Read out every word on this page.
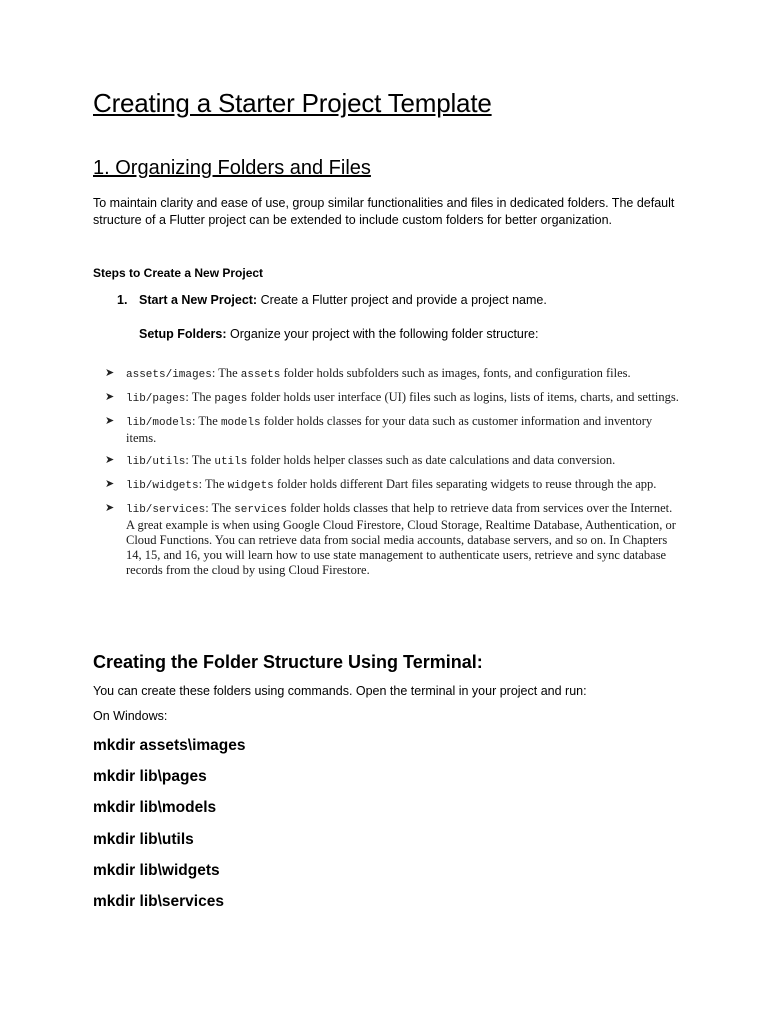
Creating a Starter Project Template
1. Organizing Folders and Files
To maintain clarity and ease of use, group similar functionalities and files in dedicated folders. The default structure of a Flutter project can be extended to include custom folders for better organization.
Steps to Create a New Project
1. Start a New Project: Create a Flutter project and provide a project name.
Setup Folders: Organize your project with the following folder structure:
➤ assets/images: The assets folder holds subfolders such as images, fonts, and configuration files.
➤ lib/pages: The pages folder holds user interface (UI) files such as logins, lists of items, charts, and settings.
➤ lib/models: The models folder holds classes for your data such as customer information and inventory items.
➤ lib/utils: The utils folder holds helper classes such as date calculations and data conversion.
➤ lib/widgets: The widgets folder holds different Dart files separating widgets to reuse through the app.
➤ lib/services: The services folder holds classes that help to retrieve data from services over the Internet. A great example is when using Google Cloud Firestore, Cloud Storage, Realtime Database, Authentication, or Cloud Functions. You can retrieve data from social media accounts, database servers, and so on. In Chapters 14, 15, and 16, you will learn how to use state management to authenticate users, retrieve and sync database records from the cloud by using Cloud Firestore.
Creating the Folder Structure Using Terminal:
You can create these folders using commands. Open the terminal in your project and run:
On Windows:
mkdir assets\images
mkdir lib\pages
mkdir lib\models
mkdir lib\utils
mkdir lib\widgets
mkdir lib\services
